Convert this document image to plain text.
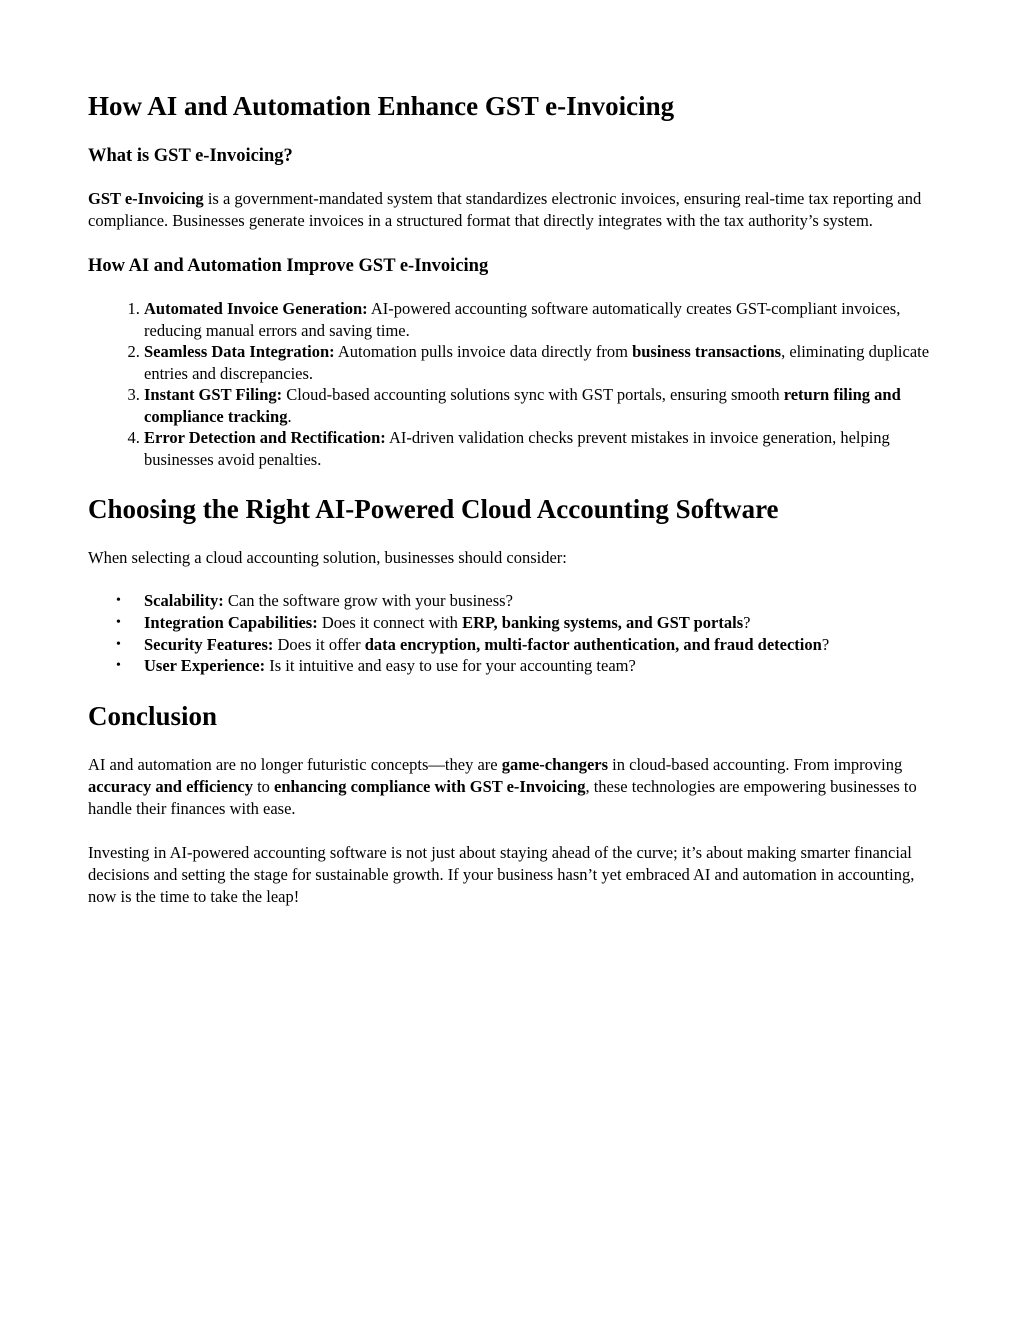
How AI and Automation Enhance GST e-Invoicing
What is GST e-Invoicing?

GST e-Invoicing is a government-mandated system that standardizes electronic invoices, ensuring real-time tax reporting and compliance. Businesses generate invoices in a structured format that directly integrates with the tax authority’s system.

How AI and Automation Improve GST e-Invoicing
1. Automated Invoice Generation: AI-powered accounting software automatically creates GST-compliant invoices, reducing manual errors and saving time.
2. Seamless Data Integration: Automation pulls invoice data directly from business transactions, eliminating duplicate entries and discrepancies.
3. Instant GST Filing: Cloud-based accounting solutions sync with GST portals, ensuring smooth return filing and compliance tracking.
4. Error Detection and Rectification: AI-driven validation checks prevent mistakes in invoice generation, helping businesses avoid penalties.
Choosing the Right AI-Powered Cloud Accounting Software

When selecting a cloud accounting solution, businesses should consider:

• Scalability: Can the software grow with your business?
• Integration Capabilities: Does it connect with ERP, banking systems, and GST portals?
• Security Features: Does it offer data encryption, multi-factor authentication, and fraud detection?
• User Experience: Is it intuitive and easy to use for your accounting team?
Conclusion

AI and automation are no longer futuristic concepts—they are game-changers in cloud-based accounting. From improving accuracy and efficiency to enhancing compliance with GST e-Invoicing, these technologies are empowering businesses to handle their finances with ease.

Investing in AI-powered accounting software is not just about staying ahead of the curve; it’s about making smarter financial decisions and setting the stage for sustainable growth. If your business hasn’t yet embraced AI and automation in accounting, now is the time to take the leap!
